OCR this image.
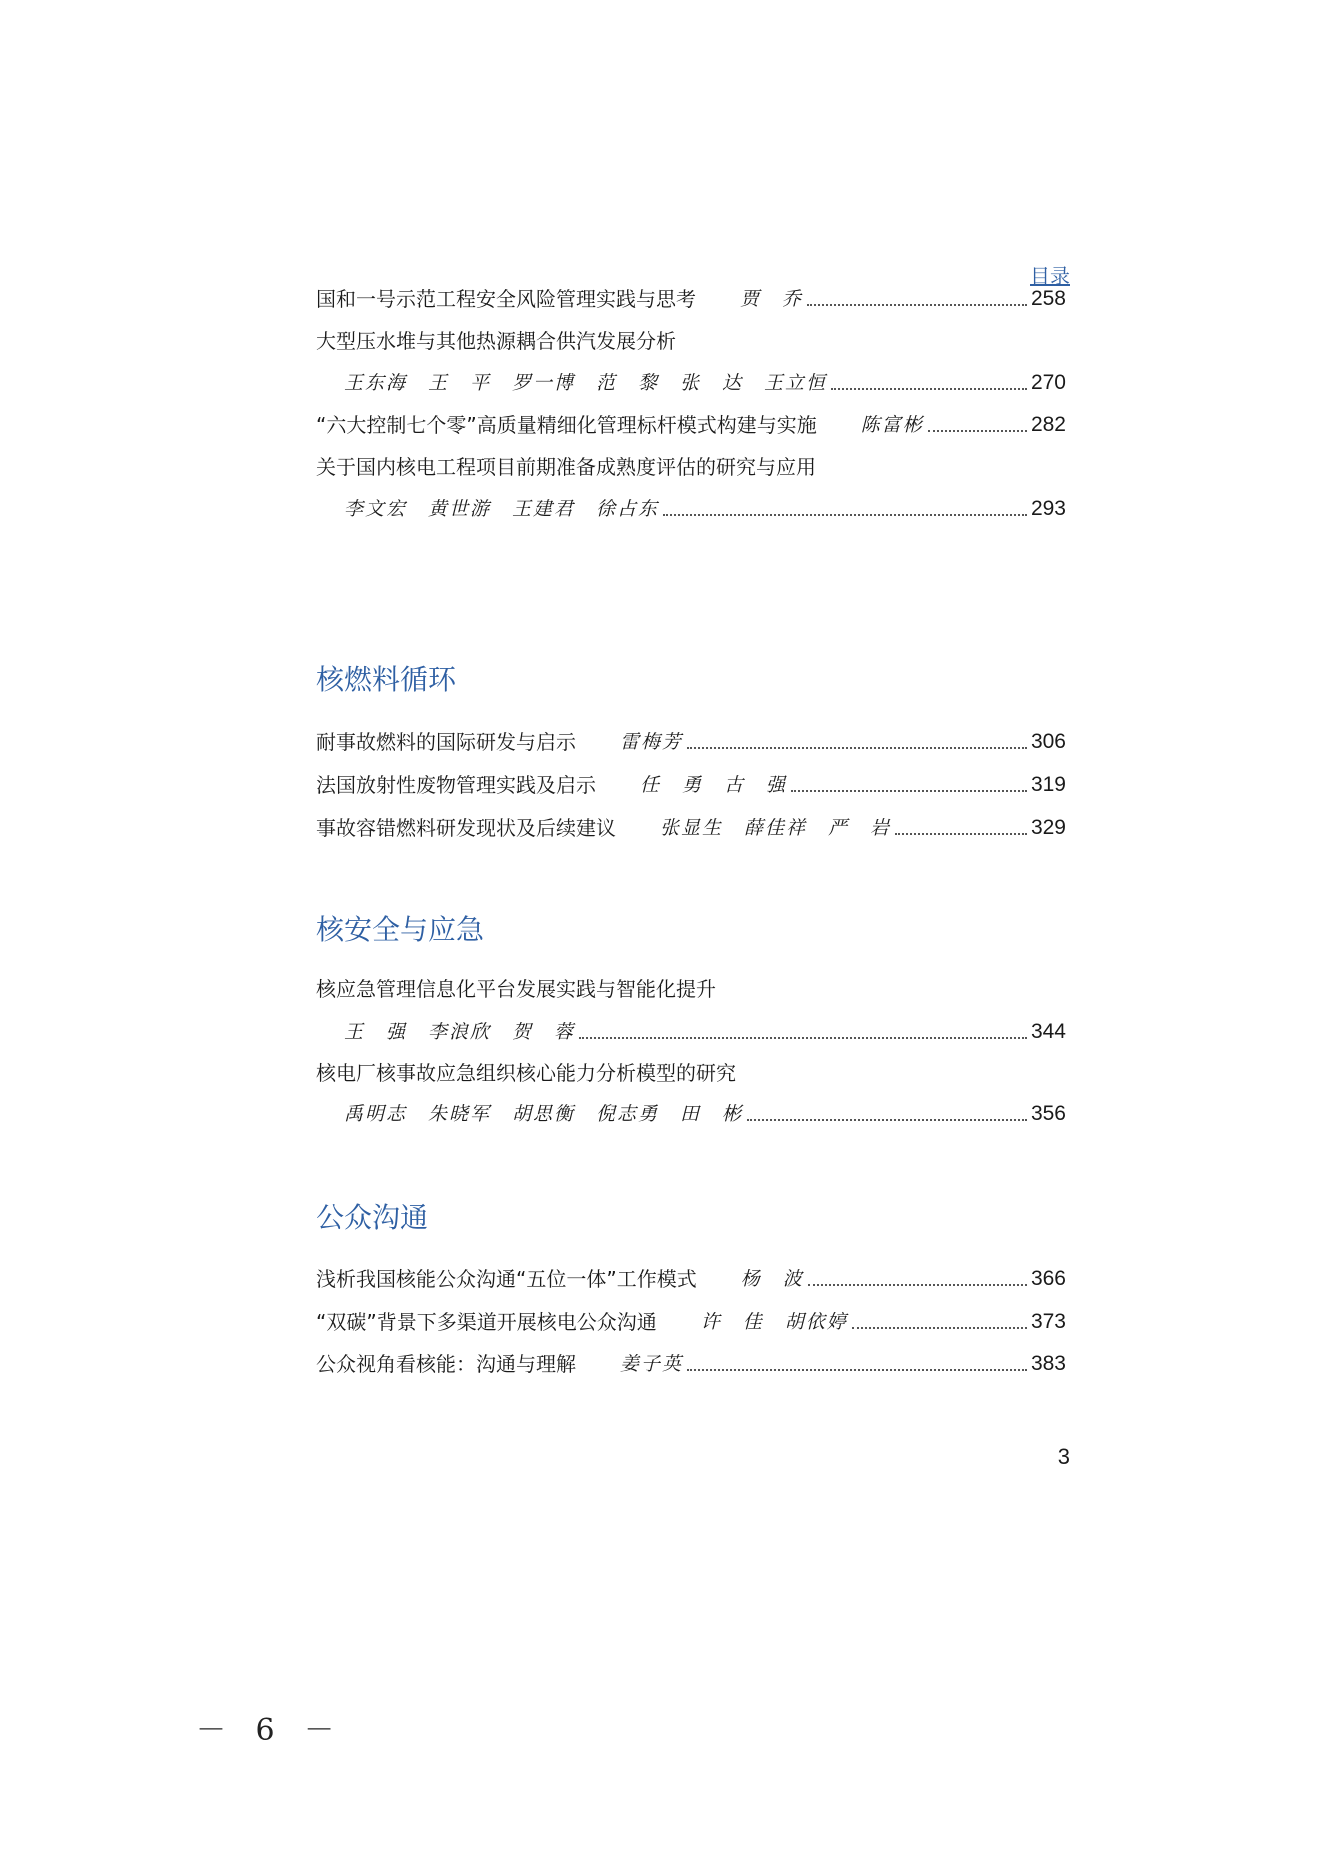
目录
国和一号示范工程安全风险管理实践与思考 贾　乔	258
大型压水堆与其他热源耦合供汽发展分析
王东海　王　平　罗一博　范　黎　张　达　王立恒	270
“六大控制七个零”高质量精细化管理标杆模式构建与实施 陈富彬	282
关于国内核电工程项目前期准备成熟度评估的研究与应用
李文宏　黄世游　王建君　徐占东	293
核燃料循环
耐事故燃料的国际研发与启示 雷梅芳	306
法国放射性废物管理实践及启示 任　勇　古　强	319
事故容错燃料研发现状及后续建议 张显生　薛佳祥　严　岩	329
核安全与应急
核应急管理信息化平台发展实践与智能化提升
王　强　李浪欣　贺　蓉	344
核电厂核事故应急组织核心能力分析模型的研究
禹明志　朱晓军　胡思衡　倪志勇　田　彬	356
公众沟通
浅析我国核能公众沟通“五位一体”工作模式 杨　波	366
“双碳”背景下多渠道开展核电公众沟通 许　佳　胡依婷	373
公众视角看核能：沟通与理解 姜子英	383
3
－ 6 －
